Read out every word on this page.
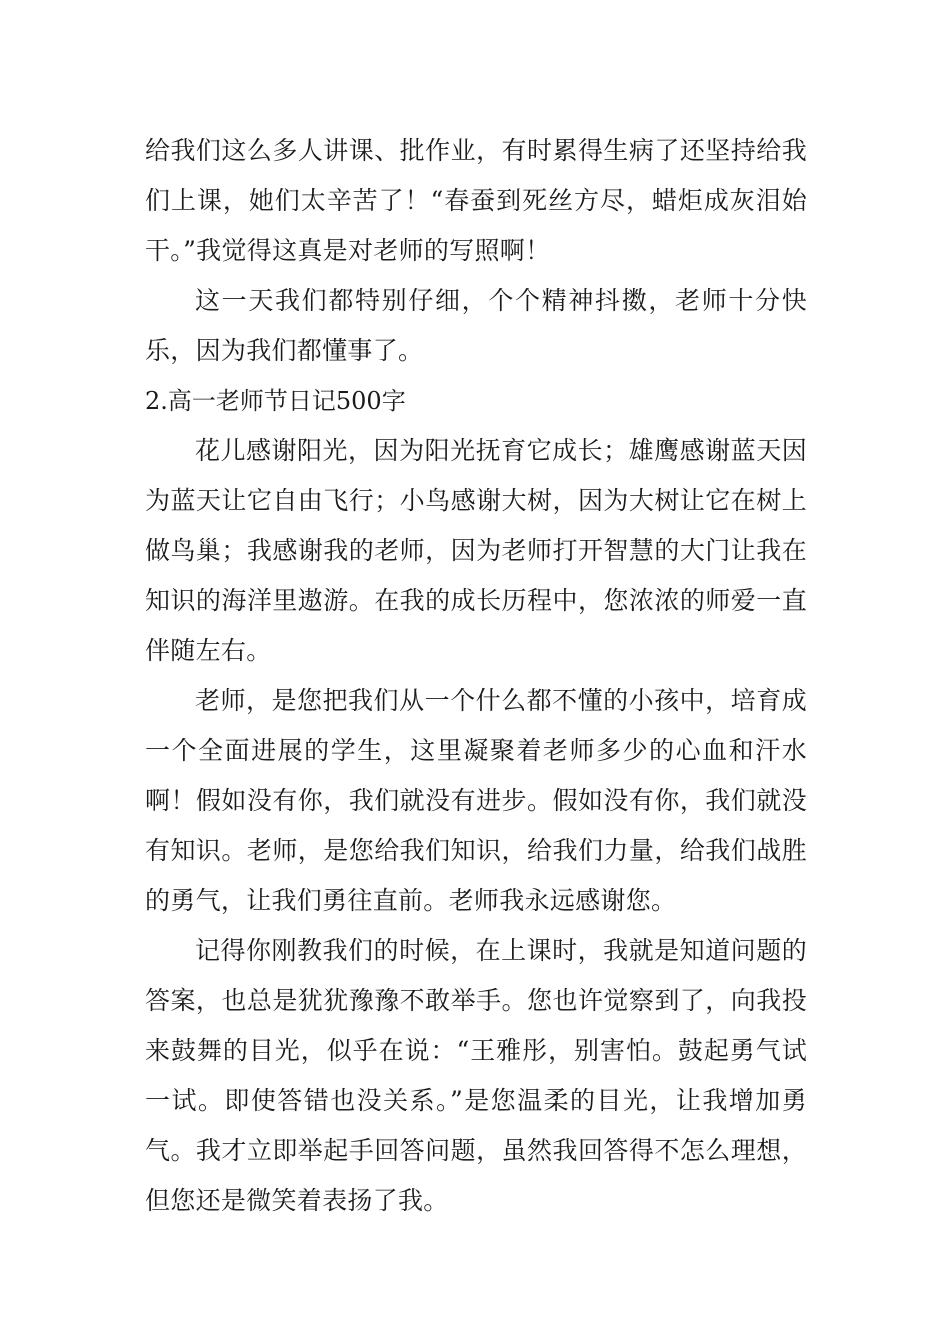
给我们这么多人讲课、批作业，有时累得生病了还坚持给我们上课，她们太辛苦了！“春蚕到死丝方尽，蜡炬成灰泪始干。”我觉得这真是对老师的写照啊！

这一天我们都特别仔细，个个精神抖擞，老师十分快乐，因为我们都懂事了。

2.高一老师节日记500字

花儿感谢阳光，因为阳光抚育它成长；雄鹰感谢蓝天因为蓝天让它自由飞行；小鸟感谢大树，因为大树让它在树上做鸟巢；我感谢我的老师，因为老师打开智慧的大门让我在知识的海洋里遨游。在我的成长历程中，您浓浓的师爱一直伴随左右。

老师，是您把我们从一个什么都不懂的小孩中，培育成一个全面进展的学生，这里凝聚着老师多少的心血和汗水啊！假如没有你，我们就没有进步。假如没有你，我们就没有知识。老师，是您给我们知识，给我们力量，给我们战胜的勇气，让我们勇往直前。老师我永远感谢您。

记得你刚教我们的时候，在上课时，我就是知道问题的答案，也总是犹犹豫豫不敢举手。您也许觉察到了，向我投来鼓舞的目光，似乎在说：“王雅彤，别害怕。鼓起勇气试一试。即使答错也没关系。”是您温柔的目光，让我增加勇气。我才立即举起手回答问题，虽然我回答得不怎么理想，但您还是微笑着表扬了我。
